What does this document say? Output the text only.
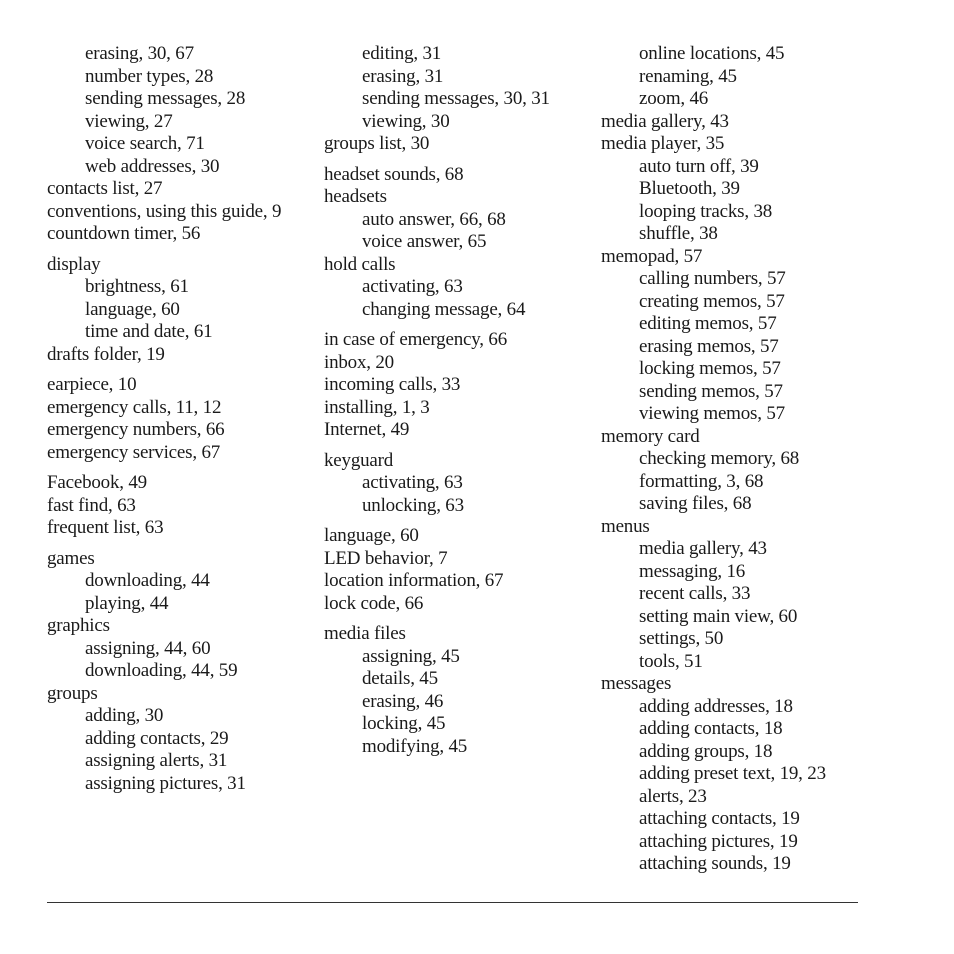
erasing, 30, 67
number types, 28
sending messages, 28
viewing, 27
voice search, 71
web addresses, 30
contacts list, 27
conventions, using this guide, 9
countdown timer, 56
display
brightness, 61
language, 60
time and date, 61
drafts folder, 19
earpiece, 10
emergency calls, 11, 12
emergency numbers, 66
emergency services, 67
Facebook, 49
fast find, 63
frequent list, 63
games
downloading, 44
playing, 44
graphics
assigning, 44, 60
downloading, 44, 59
groups
adding, 30
adding contacts, 29
assigning alerts, 31
assigning pictures, 31
editing, 31
erasing, 31
sending messages, 30, 31
viewing, 30
groups list, 30
headset sounds, 68
headsets
auto answer, 66, 68
voice answer, 65
hold calls
activating, 63
changing message, 64
in case of emergency, 66
inbox, 20
incoming calls, 33
installing, 1, 3
Internet, 49
keyguard
activating, 63
unlocking, 63
language, 60
LED behavior, 7
location information, 67
lock code, 66
media files
assigning, 45
details, 45
erasing, 46
locking, 45
modifying, 45
online locations, 45
renaming, 45
zoom, 46
media gallery, 43
media player, 35
auto turn off, 39
Bluetooth, 39
looping tracks, 38
shuffle, 38
memopad, 57
calling numbers, 57
creating memos, 57
editing memos, 57
erasing memos, 57
locking memos, 57
sending memos, 57
viewing memos, 57
memory card
checking memory, 68
formatting, 3, 68
saving files, 68
menus
media gallery, 43
messaging, 16
recent calls, 33
setting main view, 60
settings, 50
tools, 51
messages
adding addresses, 18
adding contacts, 18
adding groups, 18
adding preset text, 19, 23
alerts, 23
attaching contacts, 19
attaching pictures, 19
attaching sounds, 19
